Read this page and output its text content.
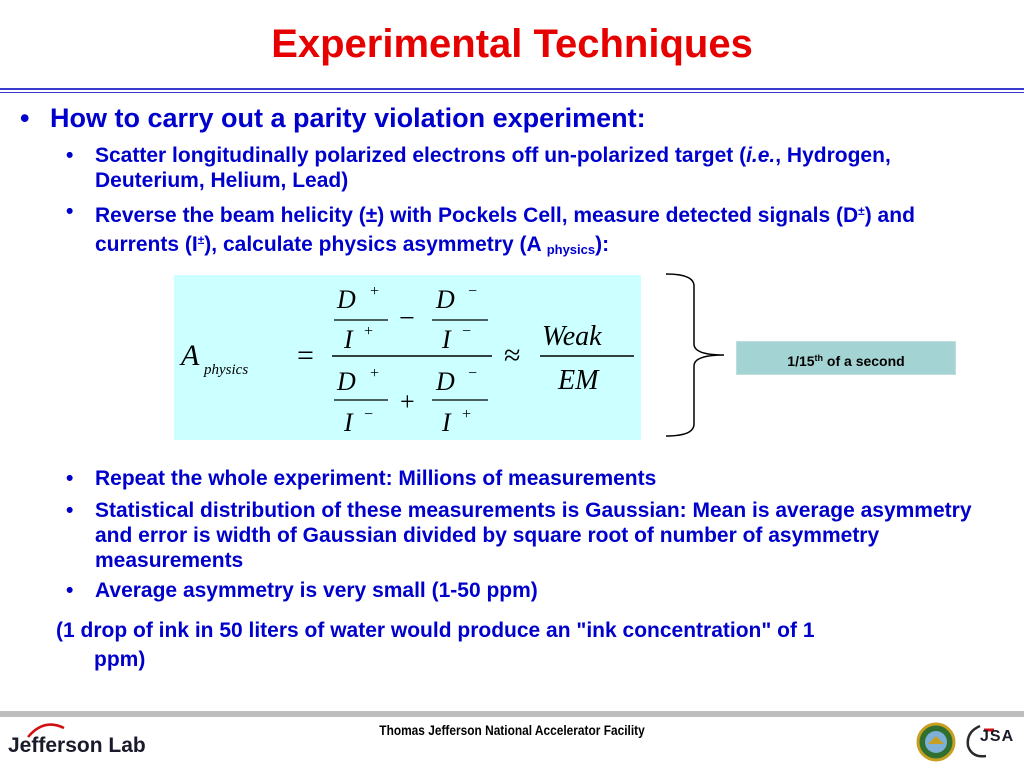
Experimental Techniques
• How to carry out a parity violation experiment:
• Scatter longitudinally polarized electrons off un-polarized target (i.e., Hydrogen, Deuterium, Helium, Lead)
• Reverse the beam helicity (±) with Pockels Cell, measure detected signals (D±) and currents (I±), calculate physics asymmetry (A $_{physics}$):
A physics =
D +
I + −
D −
I −
D +
I − +
D −
I +
≈
Weak
EM
1/15th of a second
• Repeat the whole experiment: Millions of measurements
• Statistical distribution of these measurements is Gaussian: Mean is average asymmetry and error is width of Gaussian divided by square root of number of asymmetry measurements
• Average asymmetry is very small (1-50 ppm)
(1 drop of ink in 50 liters of water would produce an "ink concentration" of 1
ppm)
Thomas Jefferson National Accelerator Facility
Jefferson Lab	JSA
